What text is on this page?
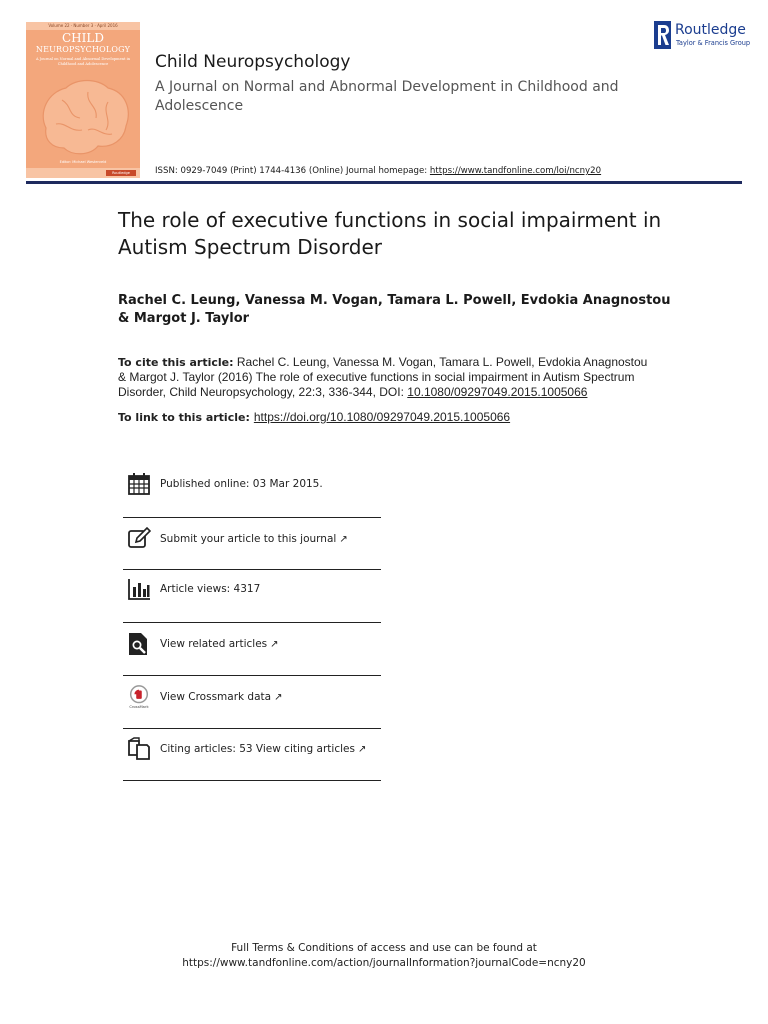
Volume 22 · Number 3 · April 2016
CHILD
NEUROPSYCHOLOGY
A Journal on Normal and Abnormal Development in Childhood and Adolescence
Editor: Michael Westerveld
Routledge
Child Neuropsychology
A Journal on Normal and Abnormal Development in Childhood and Adolescence
ISSN: 0929-7049 (Print) 1744-4136 (Online) Journal homepage: https://www.tandfonline.com/loi/ncny20
Routledge
Taylor & Francis Group
The role of executive functions in social impairment in Autism Spectrum Disorder
Rachel C. Leung, Vanessa M. Vogan, Tamara L. Powell, Evdokia Anagnostou & Margot J. Taylor
To cite this article: Rachel C. Leung, Vanessa M. Vogan, Tamara L. Powell, Evdokia Anagnostou & Margot J. Taylor (2016) The role of executive functions in social impairment in Autism Spectrum Disorder, Child Neuropsychology, 22:3, 336-344, DOI: 10.1080/09297049.2015.1005066
To link to this article: https://doi.org/10.1080/09297049.2015.1005066
Published online: 03 Mar 2015.
Submit your article to this journal ↗
Article views: 4317
View related articles ↗
CrossMark
View Crossmark data ↗
Citing articles: 53 View citing articles ↗
Full Terms & Conditions of access and use can be found at
https://www.tandfonline.com/action/journalInformation?journalCode=ncny20
